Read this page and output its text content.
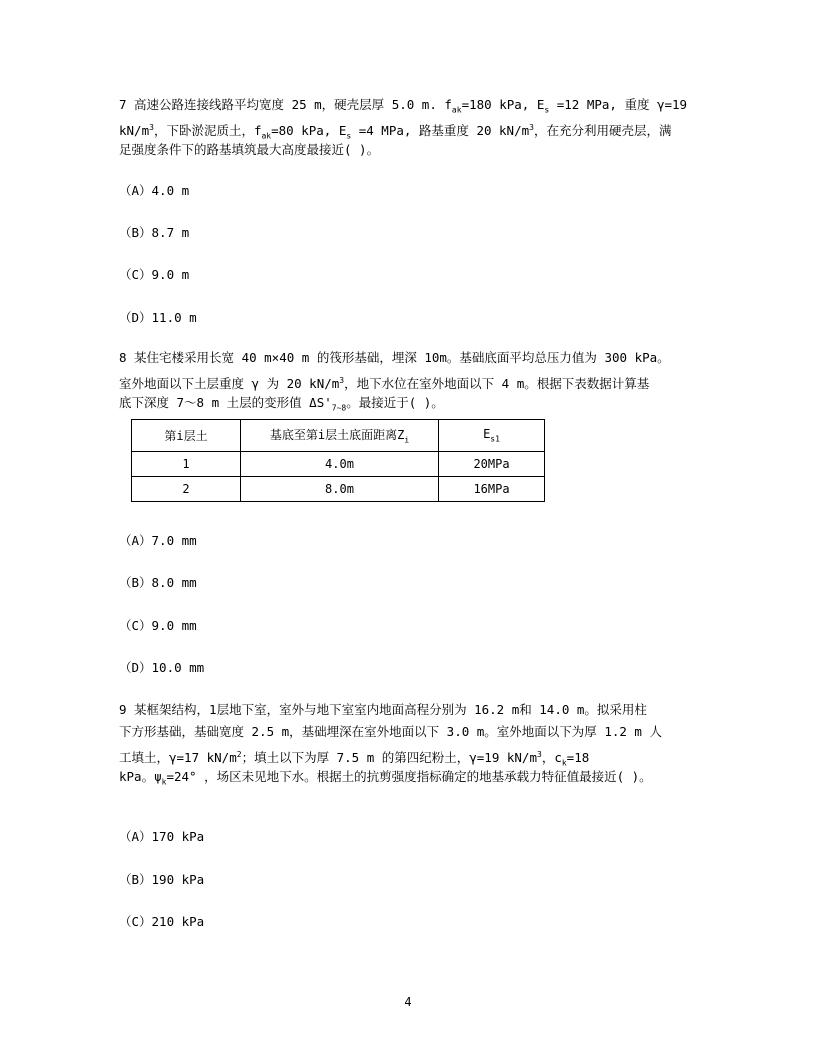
7 高速公路连接线路平均宽度 25 m，硬壳层厚 5.0 m. $f_{ak}=180$ kPa, $E_s =12$ MPa, 重度 γ=19
$kN/m^3$，下卧淤泥质土，$f_{ak}=80$ kPa, $E_s =4$ MPa, 路基重度 20 $kN/m^3$，在充分利用硬壳层，满
足强度条件下的路基填筑最大高度最接近( )。
（A）4.0 m
（B）8.7 m
（C）9.0 m
（D）11.0 m
8 某住宅楼采用长宽 40 m×40 m 的筏形基础，埋深 10m。基础底面平均总压力值为 300 kPa。
室外地面以下土层重度 γ 为 20 $kN/m^3$，地下水位在室外地面以下 4 m。根据下表数据计算基
底下深度 7～8 m 土层的变形值 $\Delta S'_{7\sim 8}$。最接近于( )。
（A）7.0 mm
（B）8.0 mm
（C）9.0 mm
（D）10.0 mm
第i层土	基底至第i层土底面距离$Z_i$	$E_{s1}$
1	4.0m	20MPa
2	8.0m	16MPa
9 某框架结构，1层地下室，室外与地下室室内地面高程分别为 16.2 m和 14.0 m。拟采用柱
下方形基础，基础宽度 2.5 m，基础埋深在室外地面以下 3.0 m。室外地面以下为厚 1.2 m 人
工填土，γ=17 $kN/m^2$；填土以下为厚 7.5 m 的第四纪粉土，γ=19 $kN/m^3$，$c_k=18$
kPa。$\psi_k=24^\circ$ ，场区未见地下水。根据土的抗剪强度指标确定的地基承载力特征值最接近( )。
（A）170 kPa
（B）190 kPa
（C）210 kPa
4
